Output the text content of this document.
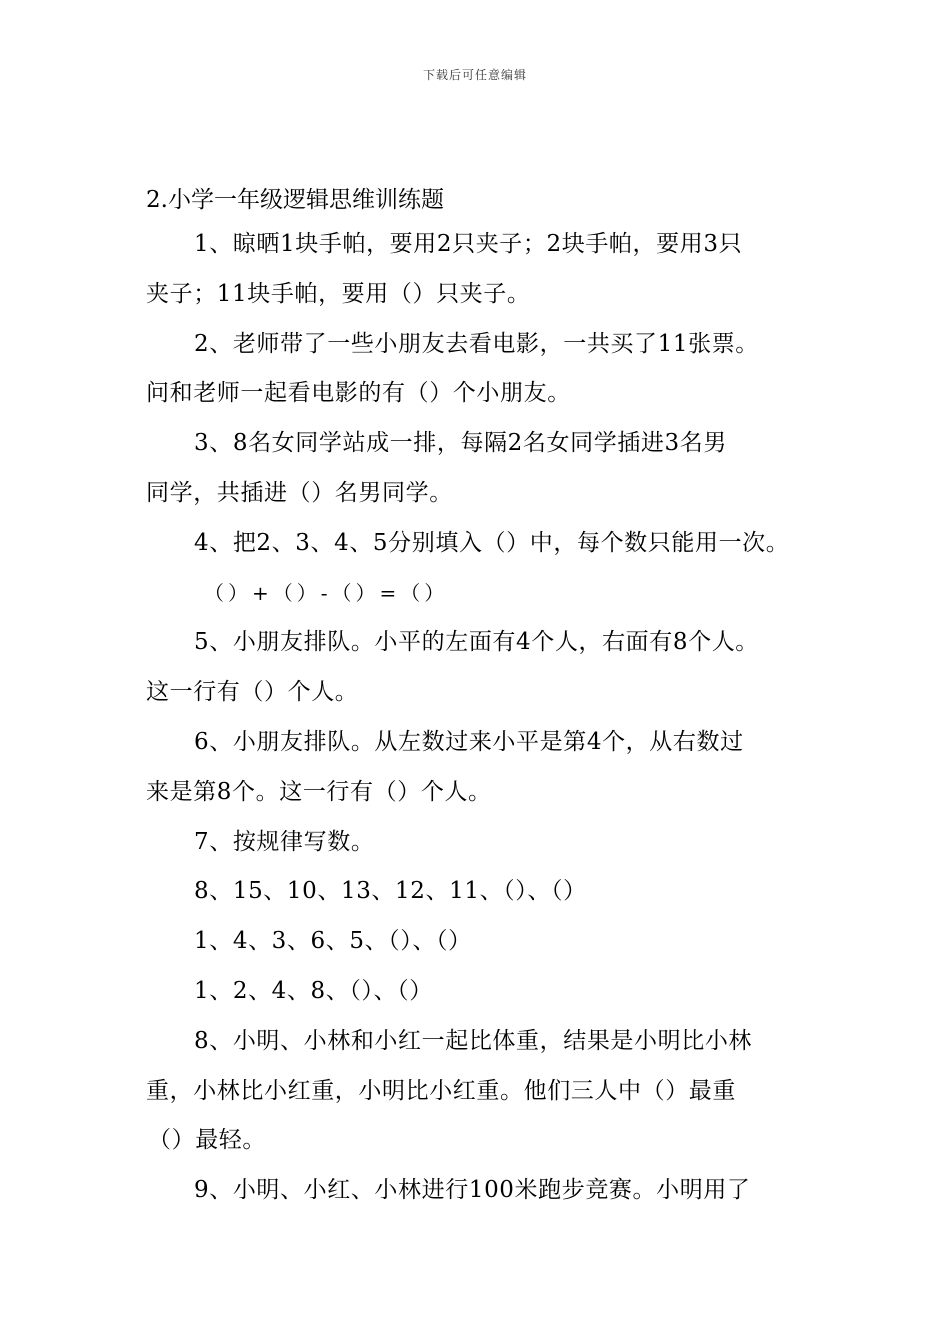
下载后可任意编辑
2.小学一年级逻辑思维训练题
1、晾晒1块手帕，要用2只夹子；2块手帕，要用3只
夹子；11块手帕，要用（）只夹子。
2、老师带了一些小朋友去看电影，一共买了11张票。
问和老师一起看电影的有（）个小朋友。
3、8名女同学站成一排，每隔2名女同学插进3名男
同学，共插进（）名男同学。
4、把2、3、4、5分别填入（）中，每个数只能用一次。
（）+（）-（）=（）
5、小朋友排队。小平的左面有4个人，右面有8个人。
这一行有（）个人。
6、小朋友排队。从左数过来小平是第4个，从右数过
来是第8个。这一行有（）个人。
7、按规律写数。
8、15、10、13、12、11、（）、（）
1、4、3、6、5、（）、（）
1、2、4、8、（）、（）
8、小明、小林和小红一起比体重，结果是小明比小林
重，小林比小红重，小明比小红重。他们三人中（）最重
（）最轻。
9、小明、小红、小林进行100米跑步竞赛。小明用了
